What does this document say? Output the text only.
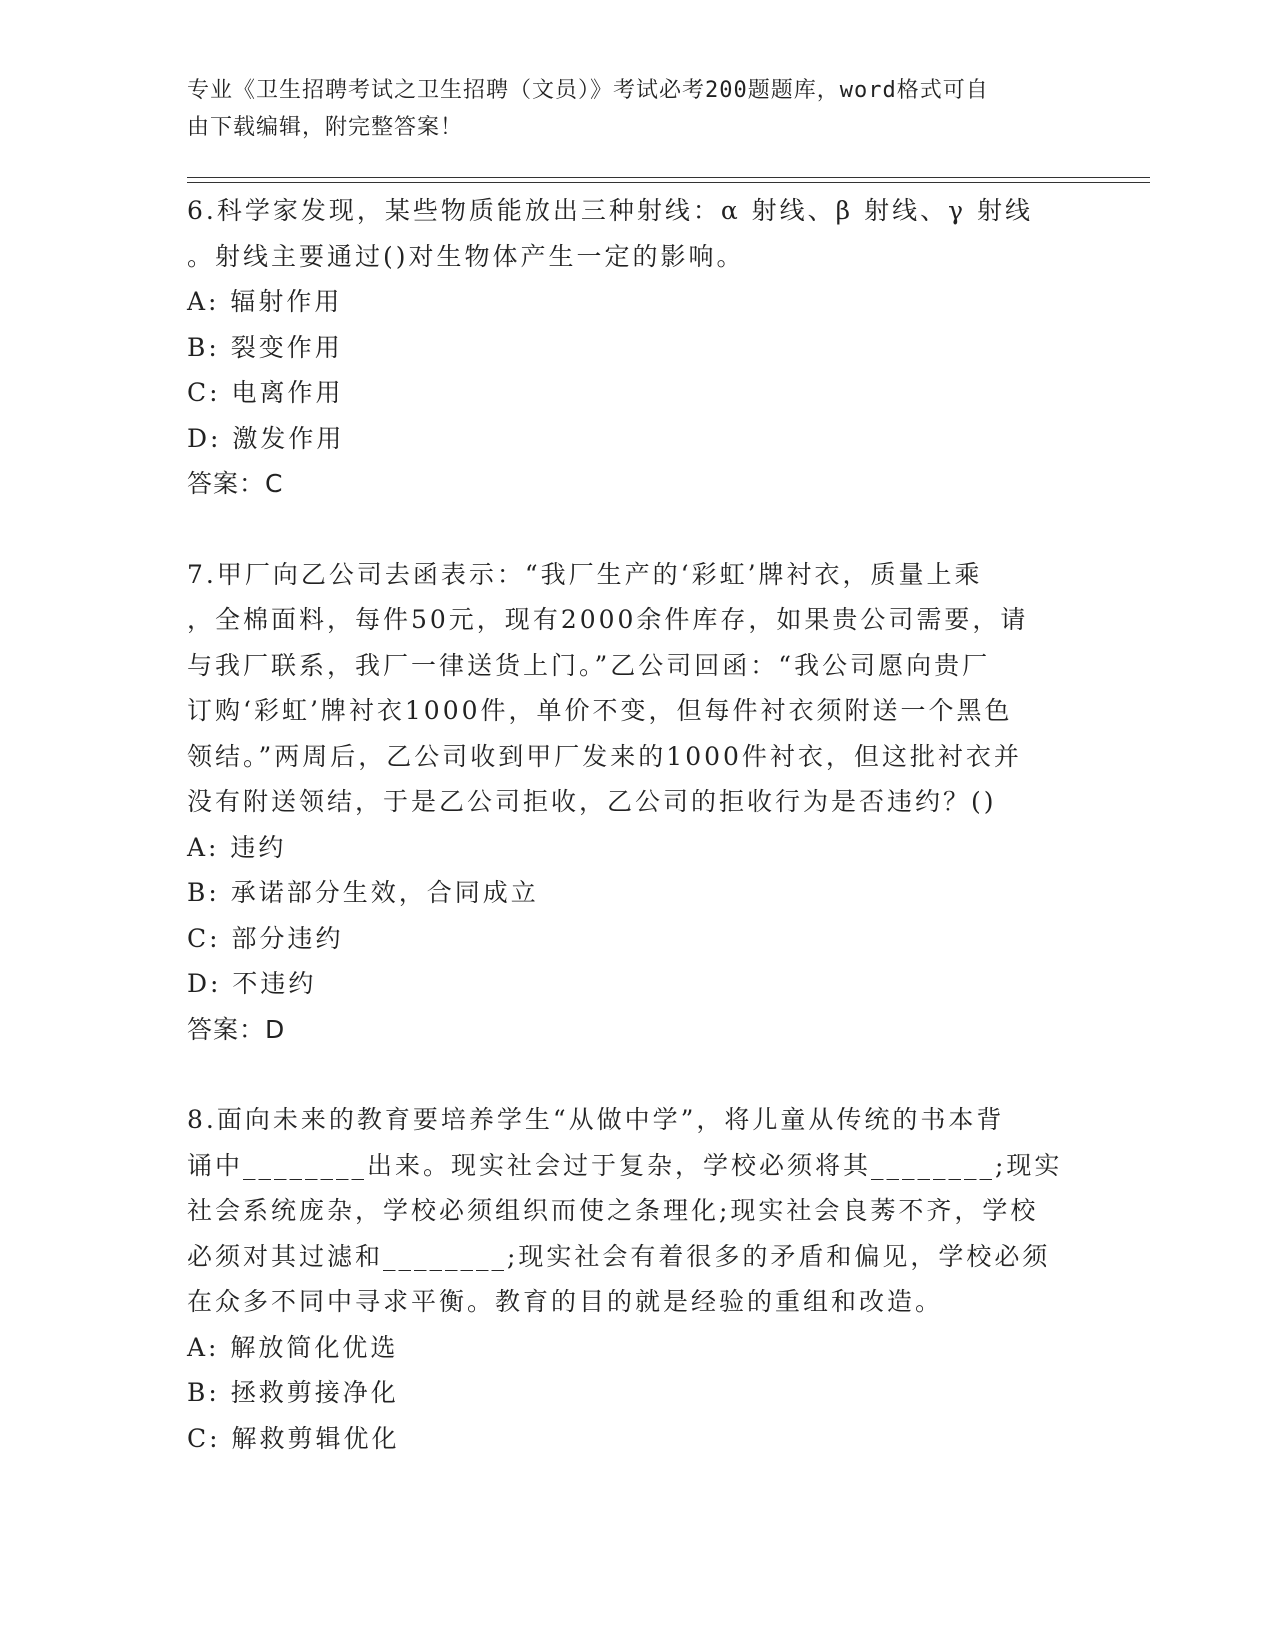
专业《卫生招聘考试之卫生招聘（文员）》考试必考200题题库，word格式可自
由下载编辑，附完整答案！
6.科学家发现，某些物质能放出三种射线：α 射线、β 射线、γ 射线
。射线主要通过()对生物体产生一定的影响。
A: 辐射作用
B: 裂变作用
C: 电离作用
D: 激发作用
答案：C
7.甲厂向乙公司去函表示：“我厂生产的‘彩虹’牌衬衣，质量上乘
，全棉面料，每件50元，现有2000余件库存，如果贵公司需要，请
与我厂联系，我厂一律送货上门。”乙公司回函：“我公司愿向贵厂
订购‘彩虹’牌衬衣1000件，单价不变，但每件衬衣须附送一个黑色
领结。”两周后，乙公司收到甲厂发来的1000件衬衣，但这批衬衣并
没有附送领结，于是乙公司拒收，乙公司的拒收行为是否违约？()
A: 违约
B: 承诺部分生效，合同成立
C: 部分违约
D: 不违约
答案：D
8.面向未来的教育要培养学生“从做中学”，将儿童从传统的书本背
诵中________出来。现实社会过于复杂，学校必须将其________;现实
社会系统庞杂，学校必须组织而使之条理化;现实社会良莠不齐，学校
必须对其过滤和________;现实社会有着很多的矛盾和偏见，学校必须
在众多不同中寻求平衡。教育的目的就是经验的重组和改造。
A: 解放简化优选
B: 拯救剪接净化
C: 解救剪辑优化
